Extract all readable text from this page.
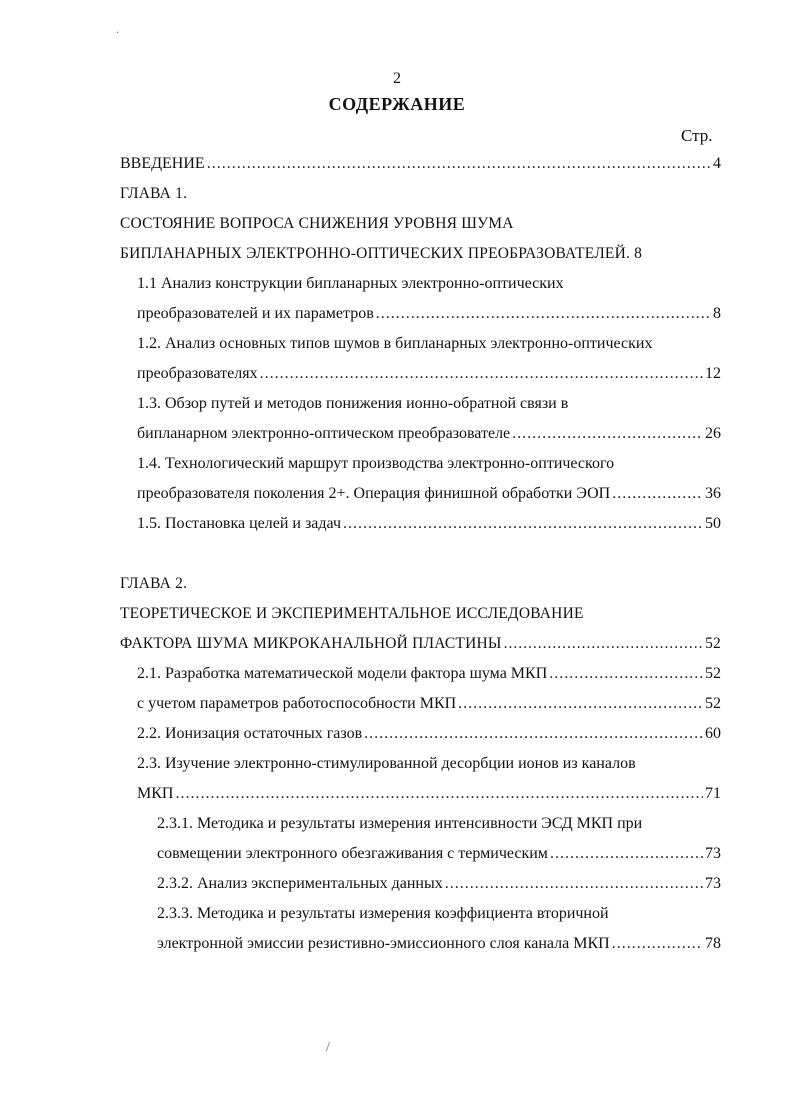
.
2
СОДЕРЖАНИЕ
Стр.
ВВЕДЕНИЕ .....	4
ГЛАВА 1.
СОСТОЯНИЕ ВОПРОСА СНИЖЕНИЯ УРОВНЯ ШУМА
БИПЛАНАРНЫХ ЭЛЕКТРОННО-ОПТИЧЕСКИХ ПРЕОБРАЗОВАТЕЛЕЙ. 8
1.1 Анализ конструкции бипланарных электронно-оптических
преобразователей и их параметров .....	8
1.2. Анализ основных типов шумов в бипланарных электронно-оптических
преобразователях .....	12
1.3. Обзор путей и методов понижения ионно-обратной связи в
бипланарном электронно-оптическом преобразователе .....	26
1.4. Технологический маршрут производства электронно-оптического
преобразователя поколения 2+. Операция финишной обработки ЭОП .....	36
1.5. Постановка целей и задач .....	50
ГЛАВА 2.
ТЕОРЕТИЧЕСКОЕ И ЭКСПЕРИМЕНТАЛЬНОЕ ИССЛЕДОВАНИЕ
ФАКТОРА ШУМА МИКРОКАНАЛЬНОЙ ПЛАСТИНЫ .....	52
2.1. Разработка математической модели фактора шума МКП .....	52
с учетом параметров работоспособности МКП .....	52
2.2. Ионизация остаточных газов .....	60
2.3. Изучение электронно-стимулированной десорбции ионов из каналов
МКП .....	71
2.3.1. Методика и результаты измерения интенсивности ЭСД МКП при
совмещении электронного обезгаживания с термическим .....	73
2.3.2. Анализ экспериментальных данных .....	73
2.3.3. Методика и результаты измерения коэффициента вторичной
электронной эмиссии резистивно-эмиссионного слоя канала МКП .....	78
/
